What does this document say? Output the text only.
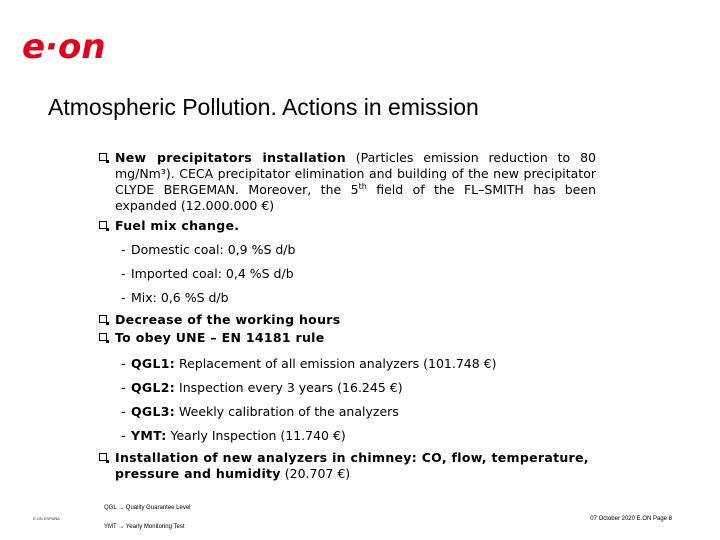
e·on
Atmospheric Pollution. Actions in emission

New precipitators installation (Particles emission reduction to 80 mg/Nm³). CECA precipitator elimination and building of the new precipitator CLYDE BERGEMAN. Moreover, the 5th field of the FL–SMITH has been expanded (12.000.000 €)

Fuel mix change.

- Domestic coal: 0,9 %S d/b

- Imported coal: 0,4 %S d/b

- Mix: 0,6 %S d/b

Decrease of the working hours

To obey UNE – EN 14181 rule

- QGL1: Replacement of all emission analyzers (101.748 €)

- QGL2: Inspection every 3 years (16.245 €)

- QGL3: Weekly calibration of the analyzers

- YMT: Yearly Inspection (11.740 €)

Installation of new analyzers in chimney: CO, flow, temperature, pressure and humidity (20.707 €)

QGL → Quality Guarantee Level
YMT → Yearly Monitoring Test
E.ON ESPAÑA	07 October 2020 E.ON Page 8
